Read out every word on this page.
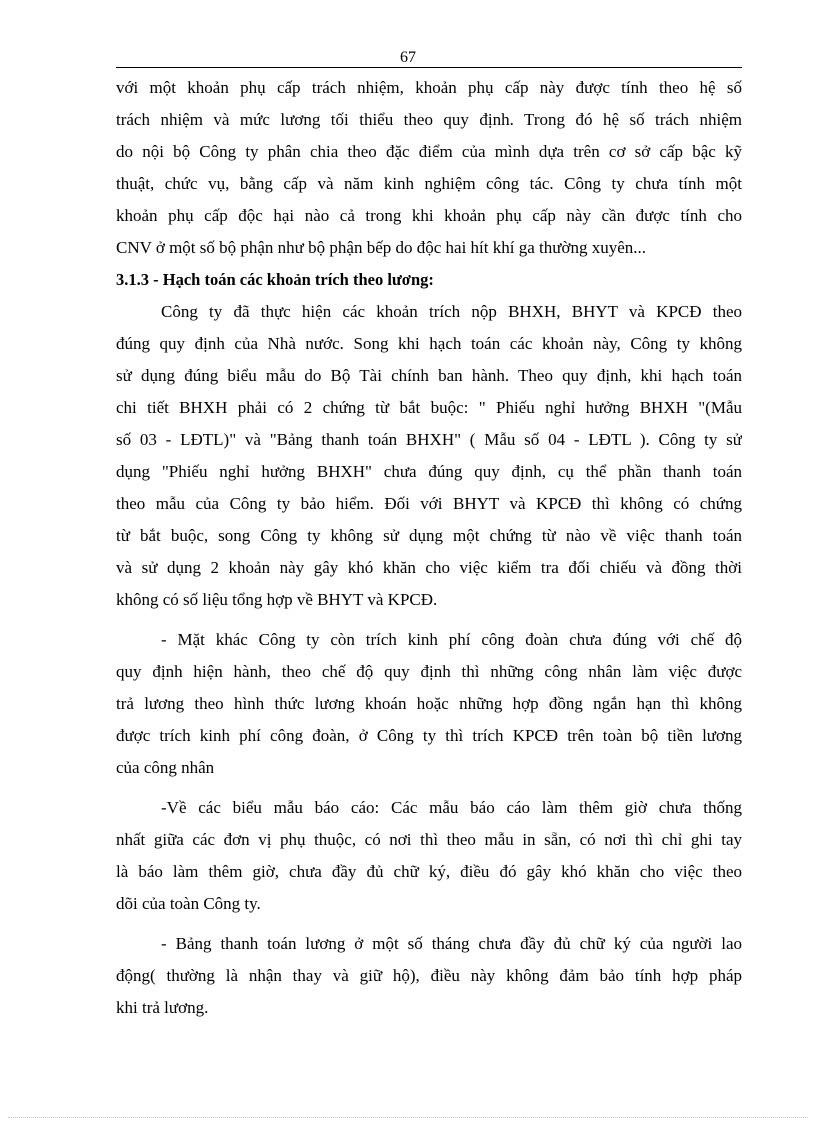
67
với một khoản phụ cấp trách nhiệm, khoản phụ cấp này được tính theo hệ số
trách nhiệm và mức lương tối thiểu theo quy định. Trong đó hệ số trách nhiệm
do nội bộ Công ty phân chia theo đặc điểm của mình dựa trên cơ sở cấp bậc kỹ
thuật, chức vụ, bằng cấp và năm kinh nghiệm công tác. Công ty chưa tính một
khoản phụ cấp độc hại nào cả trong khi khoản phụ cấp này cần được tính cho
CNV ở một số bộ phận như bộ phận bếp do độc hai hít khí ga thường xuyên...
3.1.3 - Hạch toán các khoản trích theo lương:
Công ty đã thực hiện các khoản trích nộp BHXH, BHYT và KPCĐ theo
đúng quy định của Nhà nước. Song khi hạch toán các khoản này, Công ty không
sử dụng đúng biểu mẫu do Bộ Tài chính ban hành. Theo quy định, khi hạch toán
chi tiết BHXH phải có 2 chứng từ bắt buộc: " Phiếu nghỉ hưởng BHXH "(Mẫu
số 03 - LĐTL)" và "Bảng thanh toán BHXH" ( Mẫu số 04 - LĐTL ). Công ty sử
dụng "Phiếu nghỉ hưởng BHXH" chưa đúng quy định, cụ thể phần thanh toán
theo mẫu của Công ty bảo hiểm. Đối với BHYT và KPCĐ thì không có chứng
từ bắt buộc, song Công ty không sử dụng một chứng từ nào về việc thanh toán
và sử dụng 2 khoản này gây khó khăn cho việc kiểm tra đối chiếu và đồng thời
không có số liệu tổng hợp về BHYT và KPCĐ.
- Mặt khác Công ty còn trích kinh phí công đoàn chưa đúng với chế độ
quy định hiện hành, theo chế độ quy định thì những công nhân làm việc được
trả lương theo hình thức lương khoán hoặc những hợp đồng ngắn hạn thì không
được trích kinh phí công đoàn, ở Công ty thì trích KPCĐ trên toàn bộ tiền lương
của công nhân
-Về các biểu mẫu báo cáo: Các mẫu báo cáo làm thêm giờ chưa thống
nhất giữa các đơn vị phụ thuộc, có nơi thì theo mẫu in sẵn, có nơi thì chỉ ghi tay
là báo làm thêm giờ, chưa đầy đủ chữ ký, điều đó gây khó khăn cho việc theo
dõi của toàn Công ty.
- Bảng thanh toán lương ở một số tháng chưa đầy đủ chữ ký của người lao
động( thường là nhận thay và giữ hộ), điều này không đảm bảo tính hợp pháp
khi trả lương.
